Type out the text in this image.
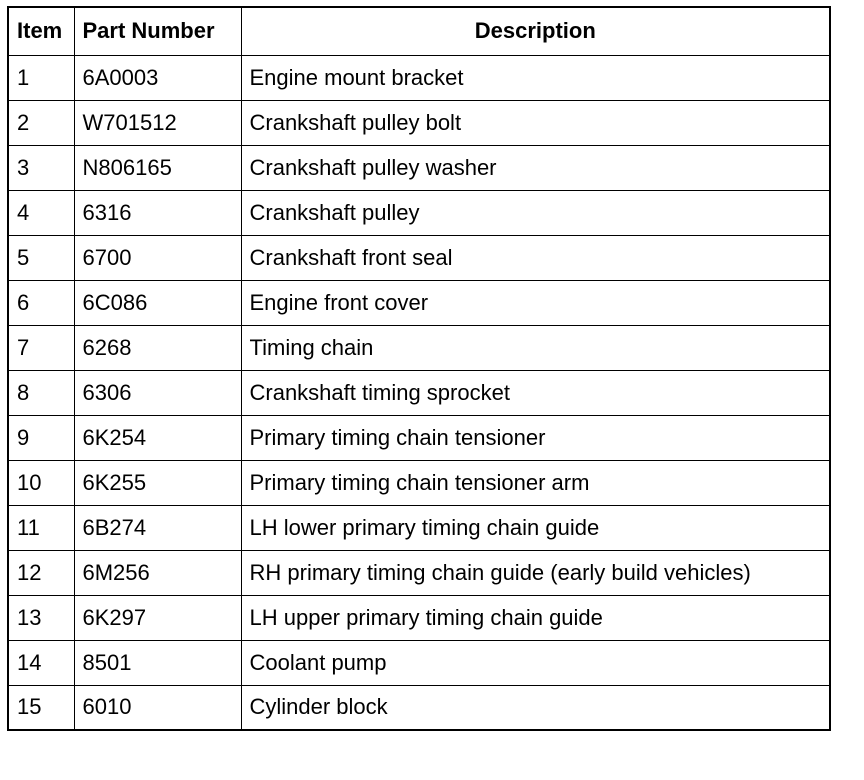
Item	Part Number	Description
1	6A0003	Engine mount bracket
2	W701512	Crankshaft pulley bolt
3	N806165	Crankshaft pulley washer
4	6316	Crankshaft pulley
5	6700	Crankshaft front seal
6	6C086	Engine front cover
7	6268	Timing chain
8	6306	Crankshaft timing sprocket
9	6K254	Primary timing chain tensioner
10	6K255	Primary timing chain tensioner arm
11	6B274	LH lower primary timing chain guide
12	6M256	RH primary timing chain guide (early build vehicles)
13	6K297	LH upper primary timing chain guide
14	8501	Coolant pump
15	6010	Cylinder block
